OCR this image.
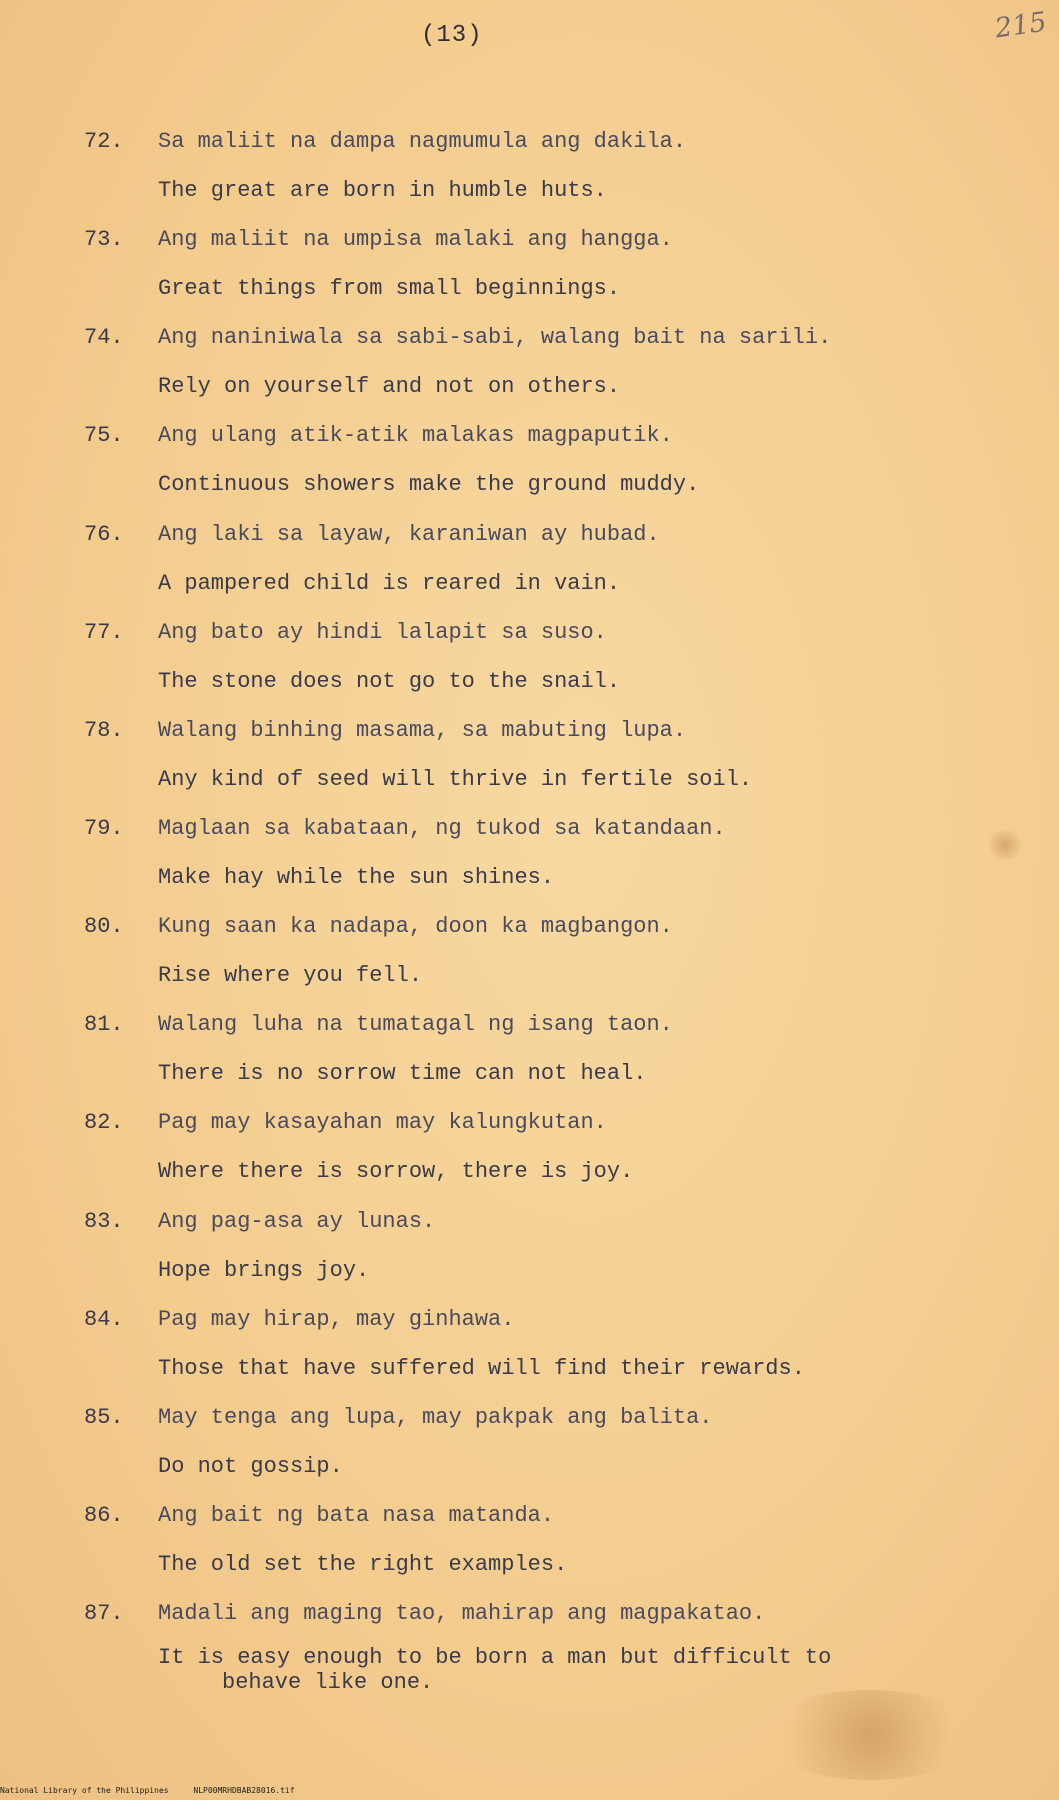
(13)	215
72.	Sa maliit na dampa nagmumula ang dakila.
The great are born in humble huts.
73.	Ang maliit na umpisa malaki ang hangga.
Great things from small beginnings.
74.	Ang naniniwala sa sabi-sabi, walang bait na sarili.
Rely on yourself and not on others.
75.	Ang ulang atik-atik malakas magpaputik.
Continuous showers make the ground muddy.
76.	Ang laki sa layaw, karaniwan ay hubad.
A pampered child is reared in vain.
77.	Ang bato ay hindi lalapit sa suso.
The stone does not go to the snail.
78.	Walang binhing masama, sa mabuting lupa.
Any kind of seed will thrive in fertile soil.
79.	Maglaan sa kabataan, ng tukod sa katandaan.
Make hay while the sun shines.
80.	Kung saan ka nadapa, doon ka magbangon.
Rise where you fell.
81.	Walang luha na tumatagal ng isang taon.
There is no sorrow time can not heal.
82.	Pag may kasayahan may kalungkutan.
Where there is sorrow, there is joy.
83.	Ang pag-asa ay lunas.
Hope brings joy.
84.	Pag may hirap, may ginhawa.
Those that have suffered will find their rewards.
85.	May tenga ang lupa, may pakpak ang balita.
Do not gossip.
86.	Ang bait ng bata nasa matanda.
The old set the right examples.
87.	Madali ang maging tao, mahirap ang magpakatao.
It is easy enough to be born a man but difficult to
behave like one.
National Library of the Philippines	NLP00MRHDBAB28016.tif
